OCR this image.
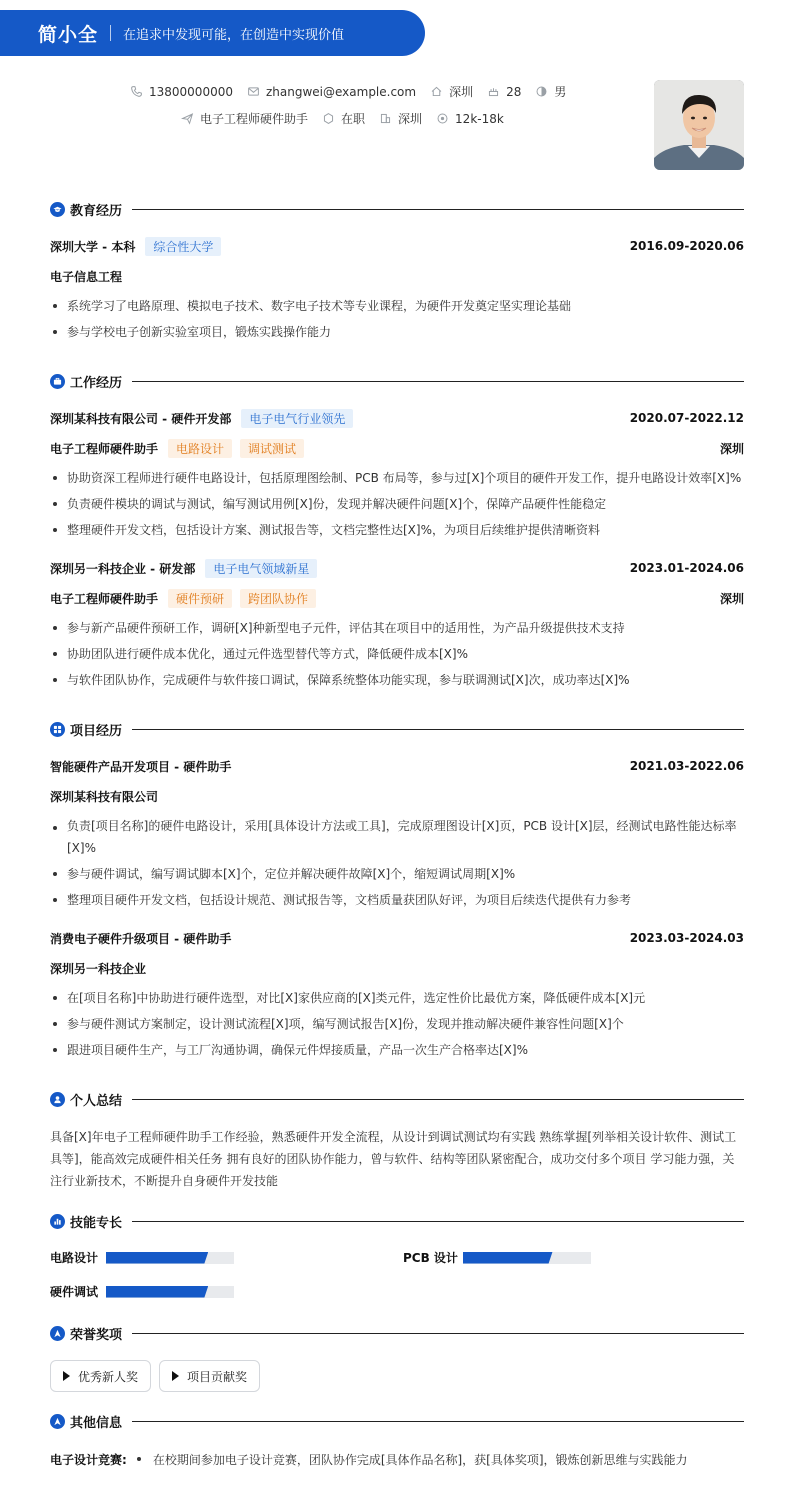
简小全 在追求中发现可能，在创造中实现价值
13800000000	zhangwei@example.com	深圳	28	男
电子工程师硬件助手	在职	深圳	12k-18k
教育经历
深圳大学 - 本科	综合性大学	2016.09-2020.06
电子信息工程
系统学习了电路原理、模拟电子技术、数字电子技术等专业课程，为硬件开发奠定坚实理论基础
参与学校电子创新实验室项目，锻炼实践操作能力
工作经历
深圳某科技有限公司 - 硬件开发部	电子电气行业领先	2020.07-2022.12
电子工程师硬件助手	电路设计	调试测试	深圳
协助资深工程师进行硬件电路设计，包括原理图绘制、PCB 布局等，参与过[X]个项目的硬件开发工作，提升电路设计效率[X]%
负责硬件模块的调试与测试，编写测试用例[X]份，发现并解决硬件问题[X]个，保障产品硬件性能稳定
整理硬件开发文档，包括设计方案、测试报告等，文档完整性达[X]%，为项目后续维护提供清晰资料
深圳另一科技企业 - 研发部	电子电气领域新星	2023.01-2024.06
电子工程师硬件助手	硬件预研	跨团队协作	深圳
参与新产品硬件预研工作，调研[X]种新型电子元件，评估其在项目中的适用性，为产品升级提供技术支持
协助团队进行硬件成本优化，通过元件选型替代等方式，降低硬件成本[X]%
与软件团队协作，完成硬件与软件接口调试，保障系统整体功能实现，参与联调测试[X]次，成功率达[X]%
项目经历
智能硬件产品开发项目 - 硬件助手	2021.03-2022.06
深圳某科技有限公司
负责[项目名称]的硬件电路设计，采用[具体设计方法或工具]，完成原理图设计[X]页，PCB 设计[X]层，经测试电路性能达标率[X]%
参与硬件调试，编写调试脚本[X]个，定位并解决硬件故障[X]个，缩短调试周期[X]%
整理项目硬件开发文档，包括设计规范、测试报告等，文档质量获团队好评，为项目后续迭代提供有力参考
消费电子硬件升级项目 - 硬件助手	2023.03-2024.03
深圳另一科技企业
在[项目名称]中协助进行硬件选型，对比[X]家供应商的[X]类元件，选定性价比最优方案，降低硬件成本[X]元
参与硬件测试方案制定，设计测试流程[X]项，编写测试报告[X]份，发现并推动解决硬件兼容性问题[X]个
跟进项目硬件生产，与工厂沟通协调，确保元件焊接质量，产品一次生产合格率达[X]%
个人总结
具备[X]年电子工程师硬件助手工作经验，熟悉硬件开发全流程，从设计到调试测试均有实践 熟练掌握[列举相关设计软件、测试工具等]，能高效完成硬件相关任务 拥有良好的团队协作能力，曾与软件、结构等团队紧密配合，成功交付多个项目 学习能力强，关注行业新技术，不断提升自身硬件开发技能
技能专长
电路设计	PCB 设计
硬件调试
荣誉奖项
优秀新人奖	项目贡献奖
其他信息
电子设计竞赛: 在校期间参加电子设计竞赛，团队协作完成[具体作品名称]，获[具体奖项]，锻炼创新思维与实践能力
